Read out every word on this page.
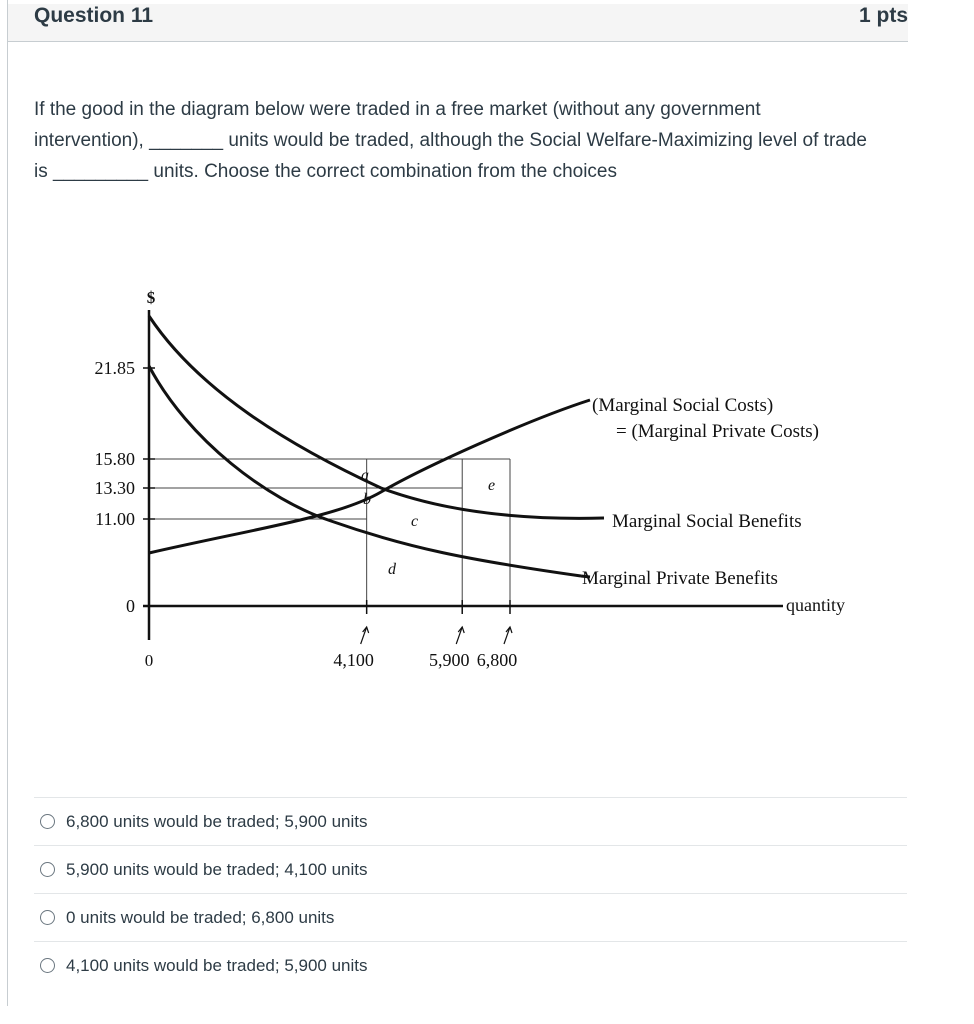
Question 11	1 pts
If the good in the diagram below were traded in a free market (without any government
intervention), _______ units would be traded, although the Social Welfare-Maximizing level of trade
is _________ units. Choose the correct combination from the choices
$
quantity
21.85
15.80
13.30
11.00
0
0	4,100	5,900 6,800
(Marginal Social Costs)
= (Marginal Private Costs)
Marginal Social Benefits
Marginal Private Benefits
a
b
c
d
e
6,800 units would be traded; 5,900 units
5,900 units would be traded; 4,100 units
0 units would be traded; 6,800 units
4,100 units would be traded; 5,900 units
